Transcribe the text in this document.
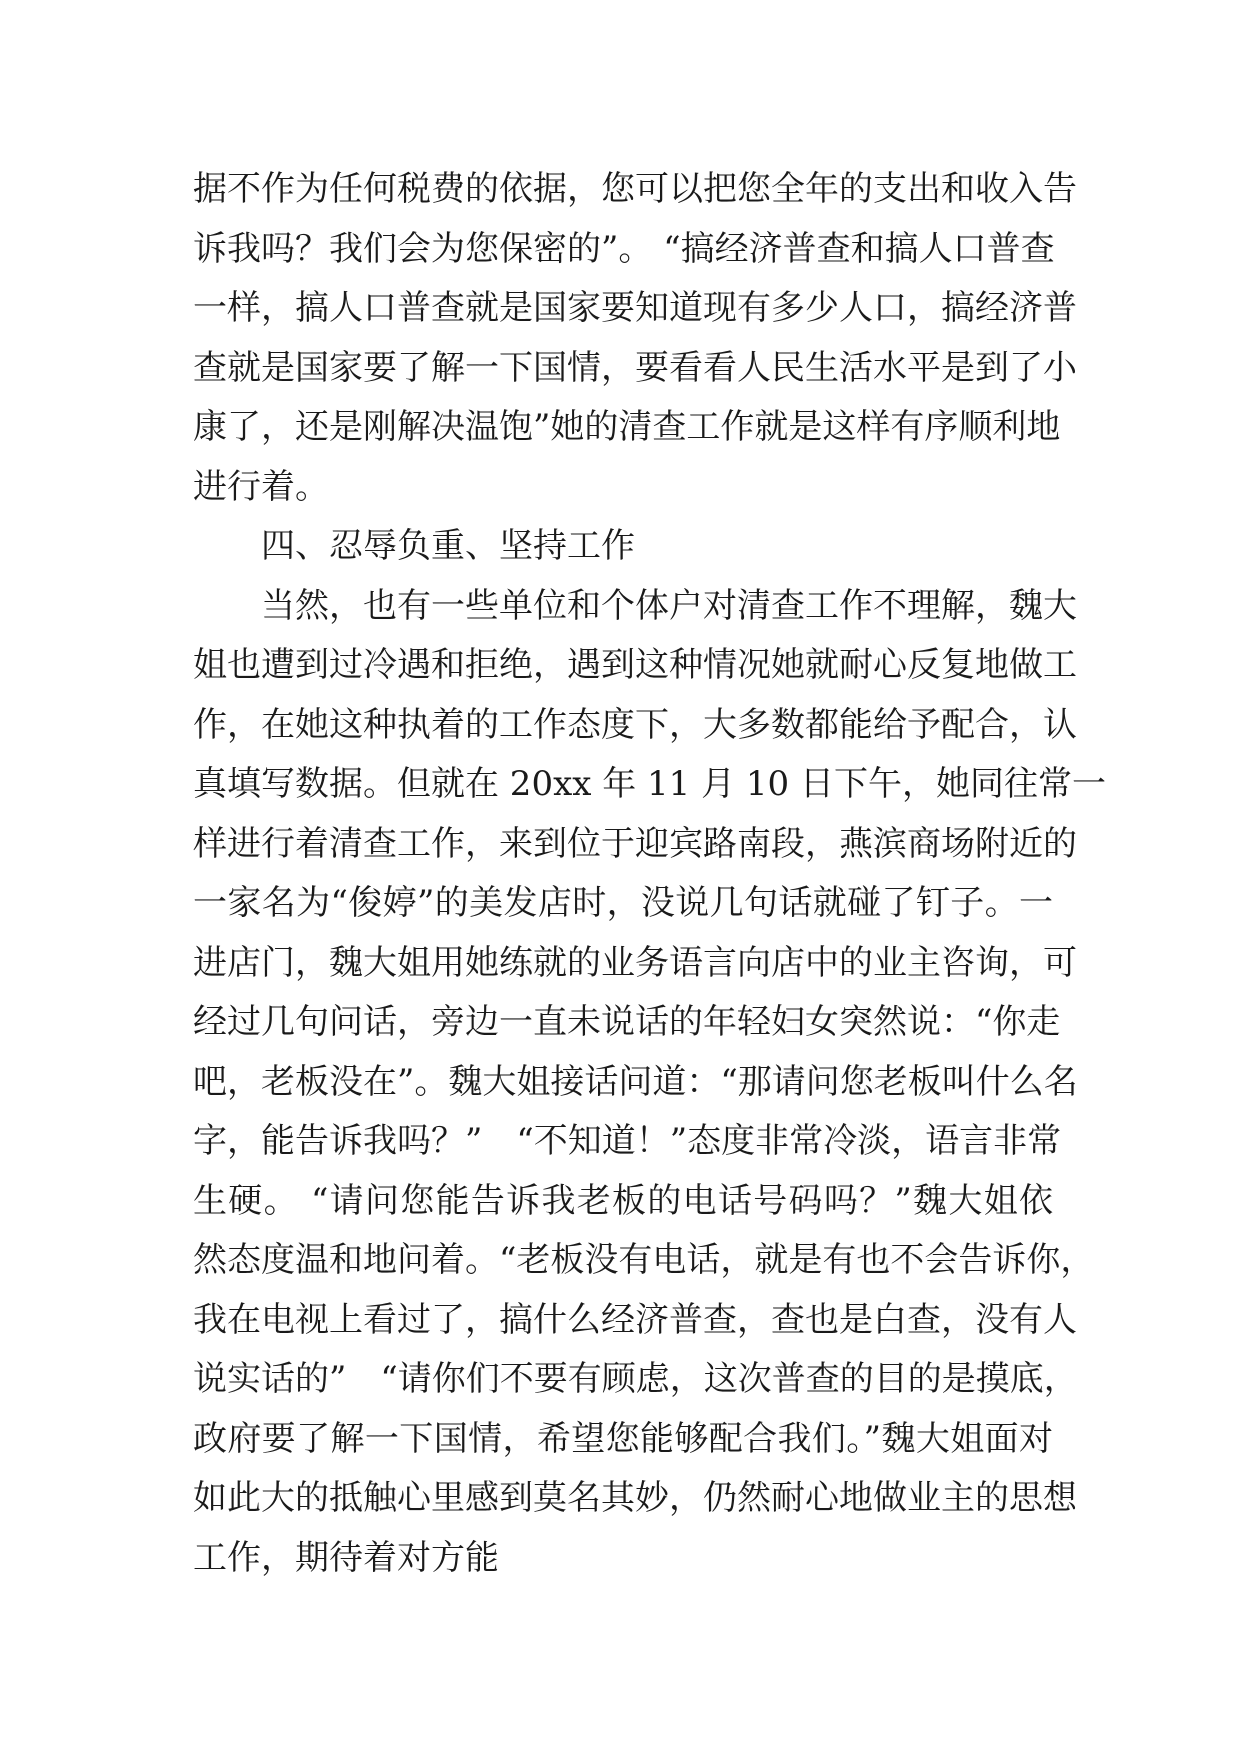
据不作为任何税费的依据，您可以把您全年的支出和收入告
诉我吗？我们会为您保密的”。 “搞经济普查和搞人口普查
一样，搞人口普查就是国家要知道现有多少人口，搞经济普
查就是国家要了解一下国情，要看看人民生活水平是到了小
康了，还是刚解决温饱”她的清查工作就是这样有序顺利地
进行着。
四、忍辱负重、坚持工作
当然，也有一些单位和个体户对清查工作不理解，魏大
姐也遭到过冷遇和拒绝，遇到这种情况她就耐心反复地做工
作，在她这种执着的工作态度下，大多数都能给予配合，认
真填写数据。但就在 20xx 年 11 月 10 日下午，她同往常一
样进行着清查工作，来到位于迎宾路南段，燕滨商场附近的
一家名为“俊婷”的美发店时，没说几句话就碰了钉子。一
进店门，魏大姐用她练就的业务语言向店中的业主咨询，可
经过几句问话，旁边一直未说话的年轻妇女突然说：“你走
吧，老板没在”。魏大姐接话问道：“那请问您老板叫什么名
字，能告诉我吗？”　“不知道！”态度非常冷淡，语言非常
生硬。 “请问您能告诉我老板的电话号码吗？”魏大姐依
然态度温和地问着。“老板没有电话，就是有也不会告诉你，
我在电视上看过了，搞什么经济普查，查也是白查，没有人
说实话的”　“请你们不要有顾虑，这次普查的目的是摸底，
政府要了解一下国情，希望您能够配合我们。”魏大姐面对
如此大的抵触心里感到莫名其妙，仍然耐心地做业主的思想
工作，期待着对方能
